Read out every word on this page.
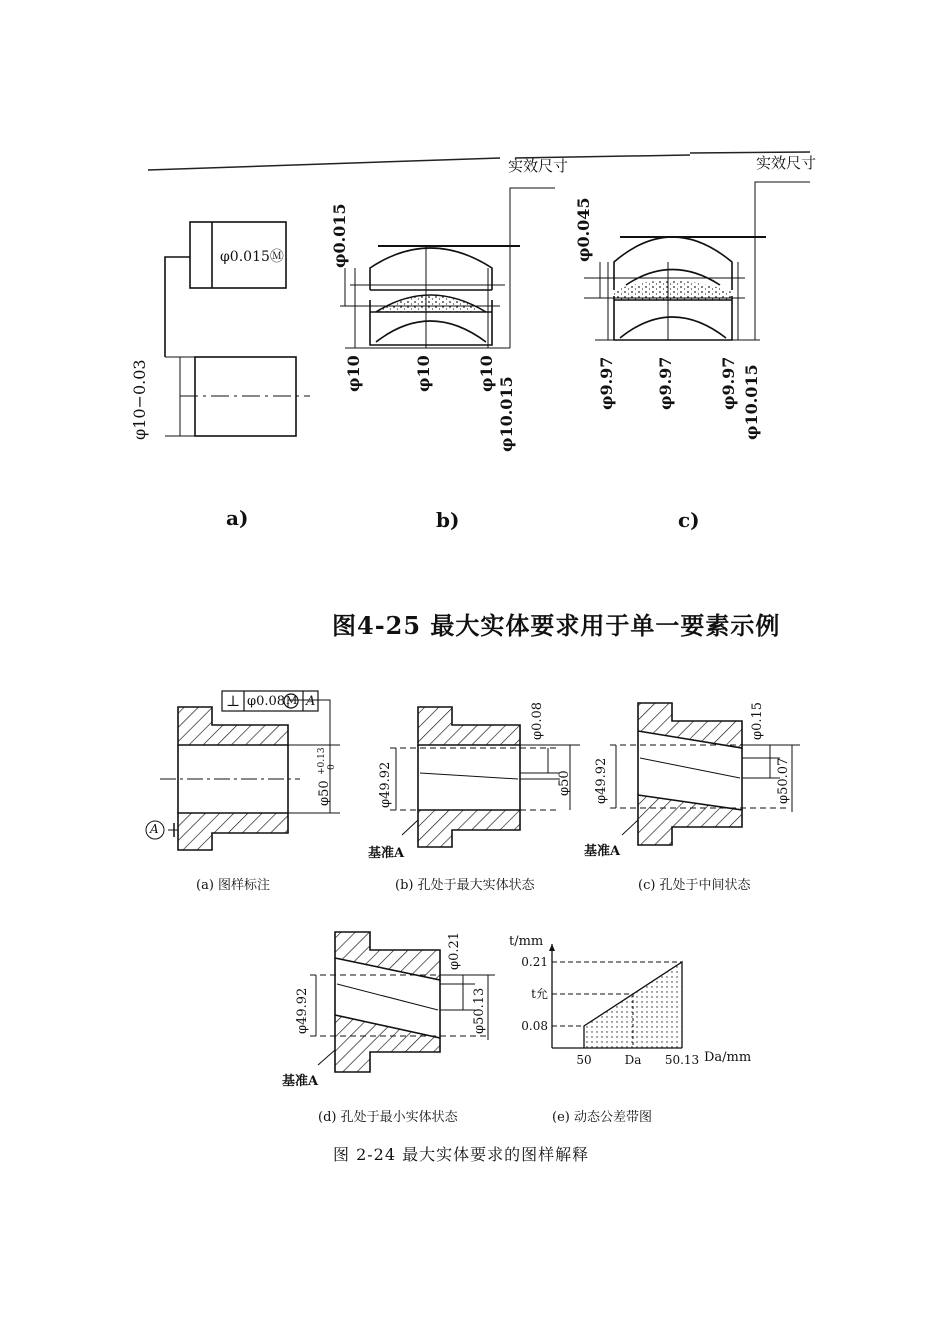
0.21
t允
0.08
50	Da 50.13
实效尺寸	实效尺寸
φ0.015Ⓜ
φ10−0.03
φ0.015
φ10	φ10	φ10
φ10.015
φ0.045
φ9.97	φ9.97	φ9.97 φ10.015
a)	b)	c)
图4-25 最大实体要求用于单一要素示例
⊥ φ0.08 M A
A
φ50
+0.13 0
基准A
φ49.92
φ0.08
φ50
基准A
φ49.92
φ0.15
φ50.07
(a) 图样标注	(b) 孔处于最大实体状态	(c) 孔处于中间状态
基准A
φ49.92
φ0.21
φ50.13
t/mm
Da/mm
(d) 孔处于最小实体状态	(e) 动态公差带图
图 2-24 最大实体要求的图样解释
